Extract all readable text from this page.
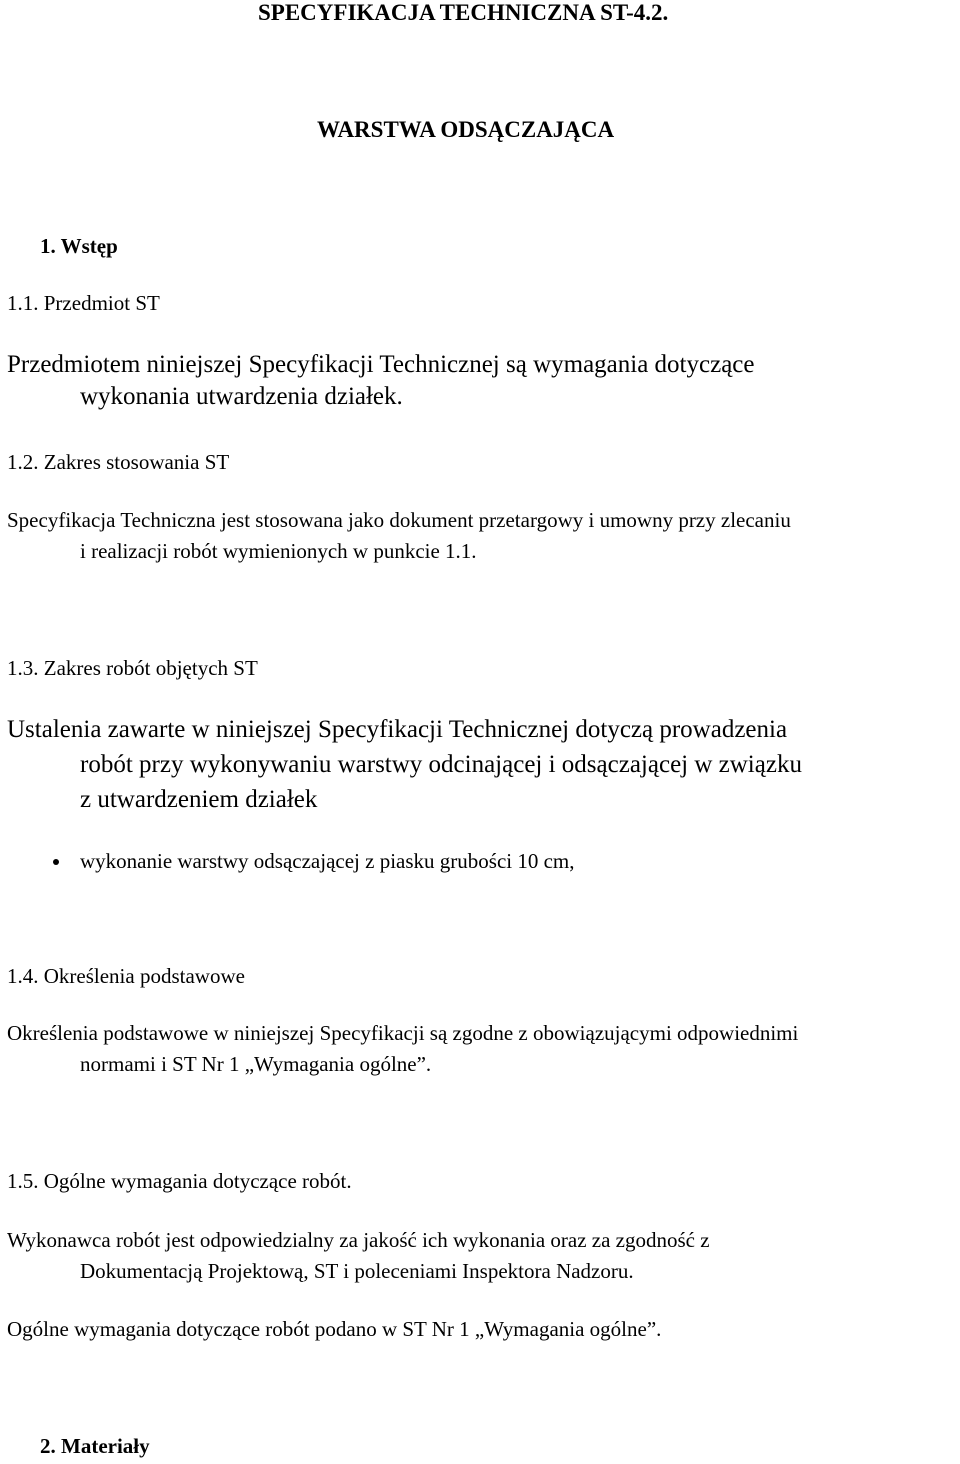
SPECYFIKACJA TECHNICZNA ST-4.2.
WARSTWA ODSĄCZAJĄCA
1. Wstęp
1.1. Przedmiot ST
Przedmiotem niniejszej Specyfikacji Technicznej są wymagania dotyczące
wykonania utwardzenia działek.
1.2. Zakres stosowania ST
Specyfikacja Techniczna jest stosowana jako dokument przetargowy i umowny przy zlecaniu
i realizacji robót wymienionych w punkcie 1.1.
1.3. Zakres robót objętych ST
Ustalenia zawarte w niniejszej Specyfikacji Technicznej dotyczą prowadzenia
robót przy wykonywaniu warstwy odcinającej i odsączającej w związku
z utwardzeniem działek
wykonanie warstwy odsączającej z piasku grubości 10 cm,
1.4. Określenia podstawowe
Określenia podstawowe w niniejszej Specyfikacji są zgodne z obowiązującymi odpowiednimi
normami i ST Nr 1 „Wymagania ogólne”.
1.5. Ogólne wymagania dotyczące robót.
Wykonawca robót jest odpowiedzialny za jakość ich wykonania oraz za zgodność z
Dokumentacją Projektową, ST i poleceniami Inspektora Nadzoru.
Ogólne wymagania dotyczące robót podano w ST Nr 1 „Wymagania ogólne”.
2. Materiały
